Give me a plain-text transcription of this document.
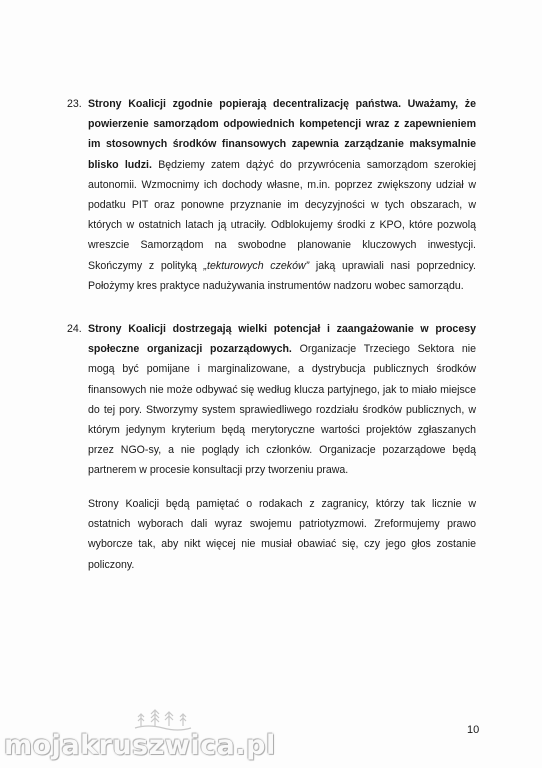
23. Strony Koalicji zgodnie popierają decentralizację państwa. Uważamy, że powierzenie samorządom odpowiednich kompetencji wraz z zapewnieniem im stosownych środków finansowych zapewnia zarządzanie maksymalnie blisko ludzi. Będziemy zatem dążyć do przywrócenia samorządom szerokiej autonomii. Wzmocnimy ich dochody własne, m.in. poprzez zwiększony udział w podatku PIT oraz ponowne przyznanie im decyzyjności w tych obszarach, w których w ostatnich latach ją utraciły. Odblokujemy środki z KPO, które pozwolą wreszcie Samorządom na swobodne planowanie kluczowych inwestycji. Skończymy z polityką „tekturowych czeków” jaką uprawiali nasi poprzednicy. Położymy kres praktyce nadużywania instrumentów nadzoru wobec samorządu.

24. Strony Koalicji dostrzegają wielki potencjał i zaangażowanie w procesy społeczne organizacji pozarządowych. Organizacje Trzeciego Sektora nie mogą być pomijane i marginalizowane, a dystrybucja publicznych środków finansowych nie może odbywać się według klucza partyjnego, jak to miało miejsce do tej pory. Stworzymy system sprawiedliwego rozdziału środków publicznych, w którym jedynym kryterium będą merytoryczne wartości projektów zgłaszanych przez NGO-sy, a nie poglądy ich członków. Organizacje pozarządowe będą partnerem w procesie konsultacji przy tworzeniu prawa.

Strony Koalicji będą pamiętać o rodakach z zagranicy, którzy tak licznie w ostatnich wyborach dali wyraz swojemu patriotyzmowi. Zreformujemy prawo wyborcze tak, aby nikt więcej nie musiał obawiać się, czy jego głos zostanie policzony.
mojakruszwica.pl	10
